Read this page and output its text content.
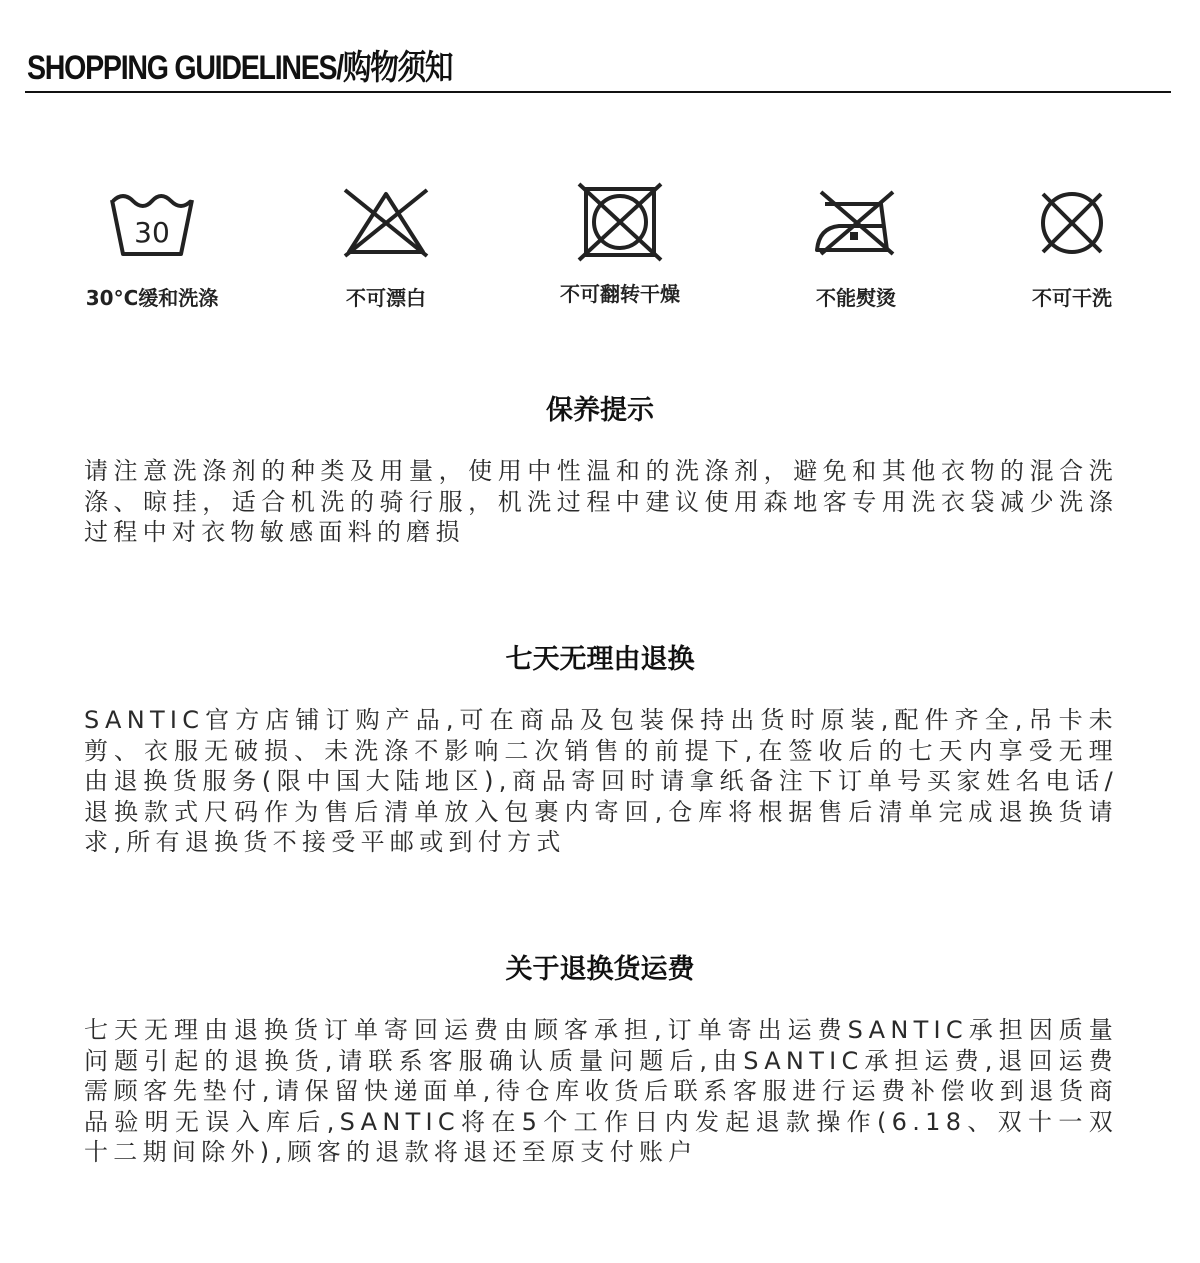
SHOPPING GUIDELINES/购物须知
30
30°C缓和洗涤	不可漂白	不可翻转干燥	不能熨烫	不可干洗
保养提示

请注意洗涤剂的种类及用量，使用中性温和的洗涤剂，避免和其他衣物的混合洗涤、晾挂，适合机洗的骑行服，机洗过程中建议使用森地客专用洗衣袋减少洗涤过程中对衣物敏感面料的磨损

七天无理由退换

SANTIC官方店铺订购产品,可在商品及包装保持出货时原装,配件齐全,吊卡未剪、衣服无破损、未洗涤不影响二次销售的前提下,在签收后的七天内享受无理由退换货服务(限中国大陆地区),商品寄回时请拿纸备注下订单号买家姓名电话/退换款式尺码作为售后清单放入包裹内寄回,仓库将根据售后清单完成退换货请求,所有退换货不接受平邮或到付方式

关于退换货运费

七天无理由退换货订单寄回运费由顾客承担,订单寄出运费SANTIC承担因质量问题引起的退换货,请联系客服确认质量问题后,由SANTIC承担运费,退回运费需顾客先垫付,请保留快递面单,待仓库收货后联系客服进行运费补偿收到退货商品验明无误入库后,SANTIC将在5个工作日内发起退款操作(6.18、双十一双十二期间除外),顾客的退款将退还至原支付账户
